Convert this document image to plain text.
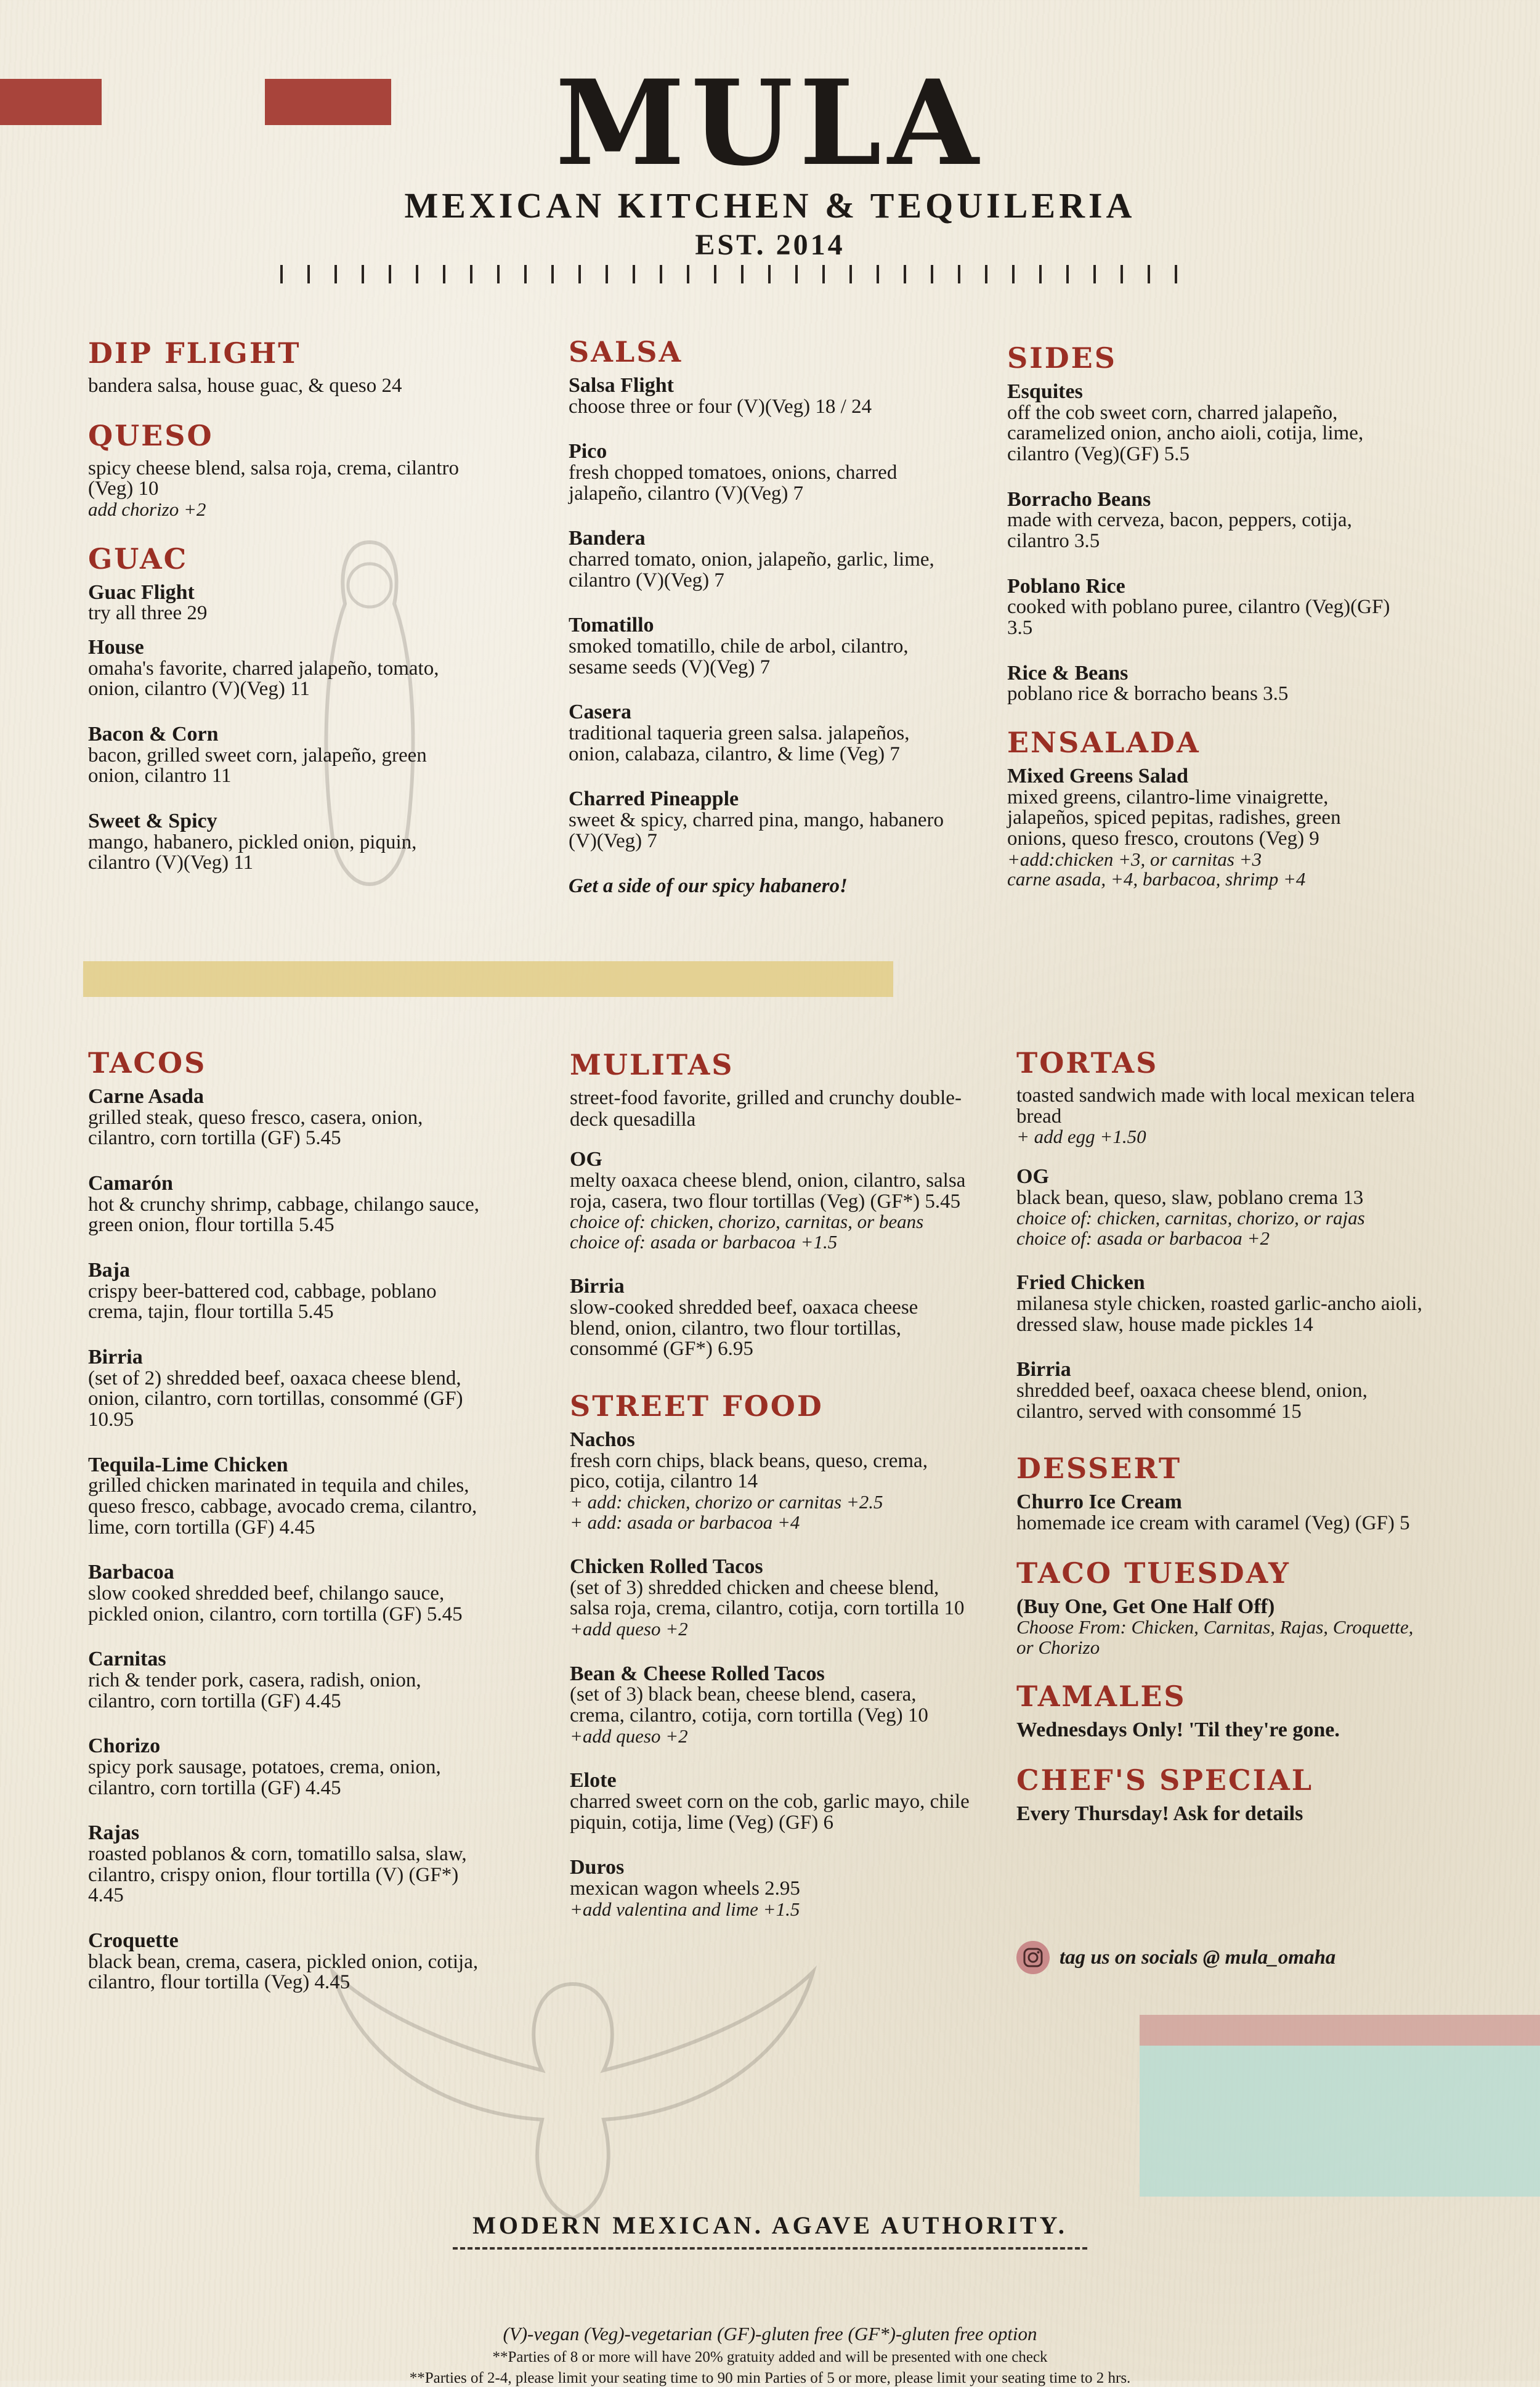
MULA
MEXICAN KITCHEN & TEQUILERIA
EST. 2014
DIP FLIGHT
bandera salsa, house guac, & queso 24
QUESO
spicy cheese blend, salsa roja, crema, cilantro (Veg) 10
add chorizo +2
GUAC
Guac Flight
try all three 29
House
omaha's favorite, charred jalapeño, tomato, onion, cilantro (V)(Veg) 11
Bacon & Corn
bacon, grilled sweet corn, jalapeño, green onion, cilantro 11
Sweet & Spicy
mango, habanero, pickled onion, piquin, cilantro (V)(Veg) 11
SALSA
Salsa Flight
choose three or four (V)(Veg) 18 / 24
Pico
fresh chopped tomatoes, onions, charred jalapeño, cilantro (V)(Veg) 7
Bandera
charred tomato, onion, jalapeño, garlic, lime, cilantro (V)(Veg) 7
Tomatillo
smoked tomatillo, chile de arbol, cilantro, sesame seeds (V)(Veg) 7
Casera
traditional taqueria green salsa. jalapeños, onion, calabaza, cilantro, & lime (Veg) 7
Charred Pineapple
sweet & spicy, charred pina, mango, habanero (V)(Veg) 7
Get a side of our spicy habanero!
SIDES
Esquites
off the cob sweet corn, charred jalapeño, caramelized onion, ancho aioli, cotija, lime, cilantro (Veg)(GF) 5.5
Borracho Beans
made with cerveza, bacon, peppers, cotija, cilantro 3.5
Poblano Rice
cooked with poblano puree, cilantro (Veg)(GF) 3.5
Rice & Beans
poblano rice & borracho beans 3.5
ENSALADA
Mixed Greens Salad
mixed greens, cilantro-lime vinaigrette, jalapeños, spiced pepitas, radishes, green onions, queso fresco, croutons (Veg) 9
+add:chicken +3, or carnitas +3
carne asada, +4, barbacoa, shrimp +4
TACOS
Carne Asada
grilled steak, queso fresco, casera, onion, cilantro, corn tortilla (GF) 5.45
Camarón
hot & crunchy shrimp, cabbage, chilango sauce, green onion, flour tortilla 5.45
Baja
crispy beer-battered cod, cabbage, poblano crema, tajin, flour tortilla 5.45
Birria
(set of 2) shredded beef, oaxaca cheese blend, onion, cilantro, corn tortillas, consommé (GF) 10.95
Tequila-Lime Chicken
grilled chicken marinated in tequila and chiles, queso fresco, cabbage, avocado crema, cilantro, lime, corn tortilla (GF) 4.45
Barbacoa
slow cooked shredded beef, chilango sauce, pickled onion, cilantro, corn tortilla (GF) 5.45
Carnitas
rich & tender pork, casera, radish, onion, cilantro, corn tortilla (GF) 4.45
Chorizo
spicy pork sausage, potatoes, crema, onion, cilantro, corn tortilla (GF) 4.45
Rajas
roasted poblanos & corn, tomatillo salsa, slaw, cilantro, crispy onion, flour tortilla (V) (GF*) 4.45
Croquette
black bean, crema, casera, pickled onion, cotija, cilantro, flour tortilla (Veg) 4.45
MULITAS
street-food favorite, grilled and crunchy double-deck quesadilla
OG
melty oaxaca cheese blend, onion, cilantro, salsa roja, casera, two flour tortillas (Veg) (GF*) 5.45
choice of: chicken, chorizo, carnitas, or beans
choice of: asada or barbacoa +1.5
Birria
slow-cooked shredded beef, oaxaca cheese blend, onion, cilantro, two flour tortillas, consommé (GF*) 6.95
STREET FOOD
Nachos
fresh corn chips, black beans, queso, crema, pico, cotija, cilantro 14
+ add: chicken, chorizo or carnitas +2.5
+ add: asada or barbacoa +4
Chicken Rolled Tacos
(set of 3) shredded chicken and cheese blend, salsa roja, crema, cilantro, cotija, corn tortilla 10
+add queso +2
Bean & Cheese Rolled Tacos
(set of 3) black bean, cheese blend, casera, crema, cilantro, cotija, corn tortilla (Veg) 10
+add queso +2
Elote
charred sweet corn on the cob, garlic mayo, chile piquin, cotija, lime (Veg) (GF) 6
Duros
mexican wagon wheels 2.95
+add valentina and lime +1.5
TORTAS
toasted sandwich made with local mexican telera bread
+ add egg +1.50
OG
black bean, queso, slaw, poblano crema 13
choice of: chicken, carnitas, chorizo, or rajas
choice of: asada or barbacoa +2
Fried Chicken
milanesa style chicken, roasted garlic-ancho aioli, dressed slaw, house made pickles 14
Birria
shredded beef, oaxaca cheese blend, onion, cilantro, served with consommé 15
DESSERT
Churro Ice Cream
homemade ice cream with caramel (Veg) (GF) 5
TACO TUESDAY
(Buy One, Get One Half Off)
Choose From: Chicken, Carnitas, Rajas, Croquette, or Chorizo
TAMALES
Wednesdays Only! 'Til they're gone.
CHEF'S SPECIAL
Every Thursday! Ask for details
tag us on socials @ mula_omaha
MODERN MEXICAN. AGAVE AUTHORITY.
(V)-vegan (Veg)-vegetarian (GF)-gluten free (GF*)-gluten free option
**Parties of 8 or more will have 20% gratuity added and will be presented with one check
**Parties of 2-4, please limit your seating time to 90 min Parties of 5 or more, please limit your seating time to 2 hrs.
